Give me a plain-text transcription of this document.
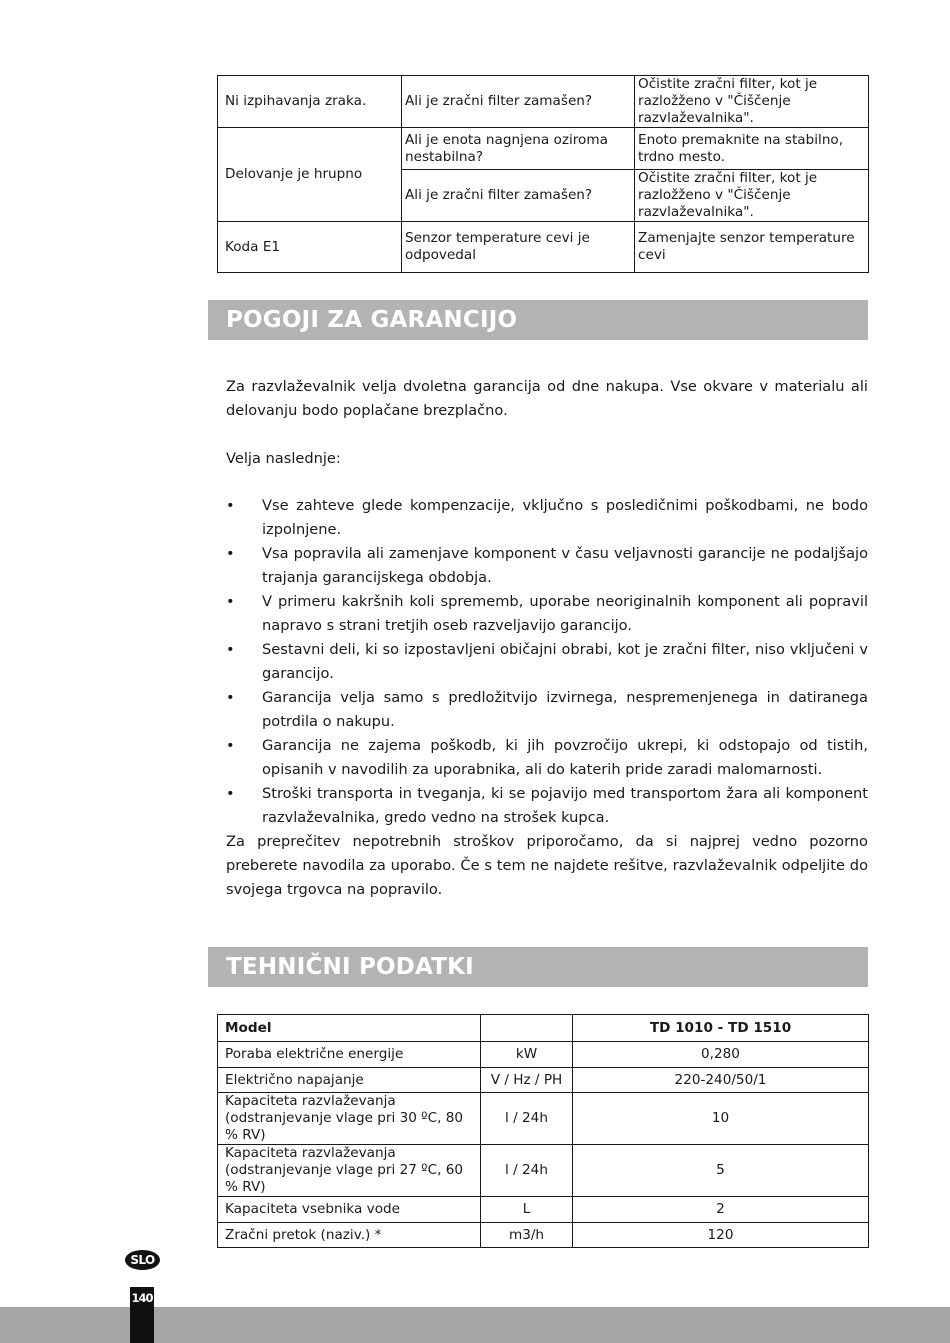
Ni izpihavanja zraka.	Ali je zračni filter zamašen?	Očistite zračni filter, kot je razložženo v "Čiščenje razvlaževalnika".
Delovanje je hrupno	Ali je enota nagnjena oziroma nestabilna?	Enoto premaknite na stabilno, trdno mesto.
	Ali je zračni filter zamašen?	Očistite zračni filter, kot je razložženo v "Čiščenje razvlaževalnika".
Koda E1	Senzor temperature cevi je odpovedal	Zamenjajte senzor temperature cevi
POGOJI ZA GARANCIJO

Za razvlaževalnik velja dvoletna garancija od dne nakupa. Vse okvare v materialu ali delovanju bodo poplačane brezplačno.

Velja naslednje:

• Vse zahteve glede kompenzacije, vključno s posledičnimi poškodbami, ne bodo izpolnjene.
• Vsa popravila ali zamenjave komponent v času veljavnosti garancije ne podaljšajo trajanja garancijskega obdobja.
• V primeru kakršnih koli sprememb, uporabe neoriginalnih komponent ali popravil napravo s strani tretjih oseb razveljavijo garancijo.
• Sestavni deli, ki so izpostavljeni običajni obrabi, kot je zračni filter, niso vključeni v garancijo.
• Garancija velja samo s predložitvijo izvirnega, nespremenjenega in datiranega potrdila o nakupu.
• Garancija ne zajema poškodb, ki jih povzročijo ukrepi, ki odstopajo od tistih, opisanih v navodilih za uporabnika, ali do katerih pride zaradi malomarnosti.
• Stroški transporta in tveganja, ki se pojavijo med transportom žara ali komponent razvlaževalnika, gredo vedno na strošek kupca.

Za preprečitev nepotrebnih stroškov priporočamo, da si najprej vedno pozorno preberete navodila za uporabo. Če s tem ne najdete rešitve, razvlaževalnik odpeljite do svojega trgovca na popravilo.

TEHNIČNI PODATKI
Model		TD 1010 - TD 1510
Poraba električne energije	kW	0,280
Električno napajanje	V / Hz / PH	220-240/50/1
Kapaciteta razvlaževanja (odstranjevanje vlage pri 30 ºC, 80 % RV)	l / 24h	10
Kapaciteta razvlaževanja (odstranjevanje vlage pri 27 ºC, 60 % RV)	l / 24h	5
Kapaciteta vsebnika vode	L	2
Zračni pretok (naziv.) *	m3/h	120
SLO
140
